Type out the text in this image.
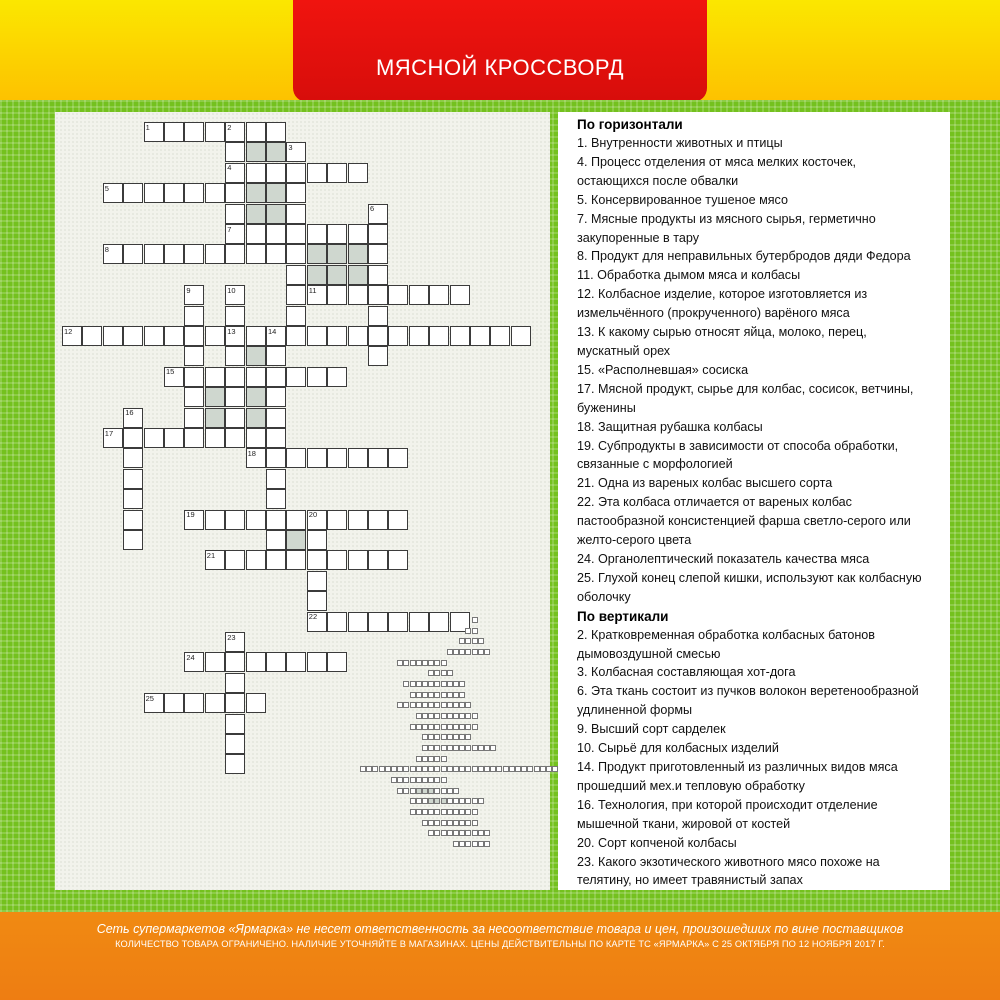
МЯСНОЙ КРОССВОРД
1
4
5
7
8
11
12	13	14
15
17
18
19
21
22
24
25
2
3
6
9	10
16
20
23
По горизонтали
1. Внутренности животных и птицы
4. Процесс отделения от мяса мелких косточек,
остающихся после обвалки
5. Консервированное тушеное мясо
7. Мясные продукты из мясного сырья, герметично
закупоренные в тару
8. Продукт для неправильных бутербродов дяди Федора
11. Обработка дымом мяса и колбасы
12. Колбасное изделие, которое изготовляется из
измельчённого (прокрученного) варёного мяса
13. К какому сырью относят яйца, молоко, перец,
мускатный орех
15. «Располневшая» сосиска
17. Мясной продукт, сырье для колбас, сосисок, ветчины,
буженины
18. Защитная рубашка колбасы
19. Субпродукты в зависимости от способа обработки,
связанные с морфологией
21. Одна из вареных колбас высшего сорта
22. Эта колбаса отличается от вареных колбас
пастообразной консистенцией фарша светло-серого или
желто-серого цвета
24. Органолептический показатель качества мяса
25. Глухой конец слепой кишки, используют как колбасную
оболочку
По вертикали
2. Кратковременная обработка колбасных батонов
дымовоздушной смесью
3. Колбасная составляющая хот-дога
6. Эта ткань состоит из пучков волокон веретенообразной
удлиненной формы
9. Высший сорт сарделек
10. Сырьё для колбасных изделий
14. Продукт приготовленный из различных видов мяса
прошедший мех.и тепловую обработку
16. Технология, при которой происходит отделение
мышечной ткани, жировой от костей
20. Сорт копченой колбасы
23. Какого экзотического животного мясо похоже на
телятину, но имеет травянистый запах
Сеть супермаркетов «Ярмарка» не несет ответственность за несоответствие товара и цен, произошедших по вине поставщиков
КОЛИЧЕСТВО ТОВАРА ОГРАНИЧЕНО. НАЛИЧИЕ УТОЧНЯЙТЕ В МАГАЗИНАХ. ЦЕНЫ ДЕЙСТВИТЕЛЬНЫ ПО КАРТЕ ТС «ЯРМАРКА» С 25 ОКТЯБРЯ ПО 12 НОЯБРЯ 2017 Г.
